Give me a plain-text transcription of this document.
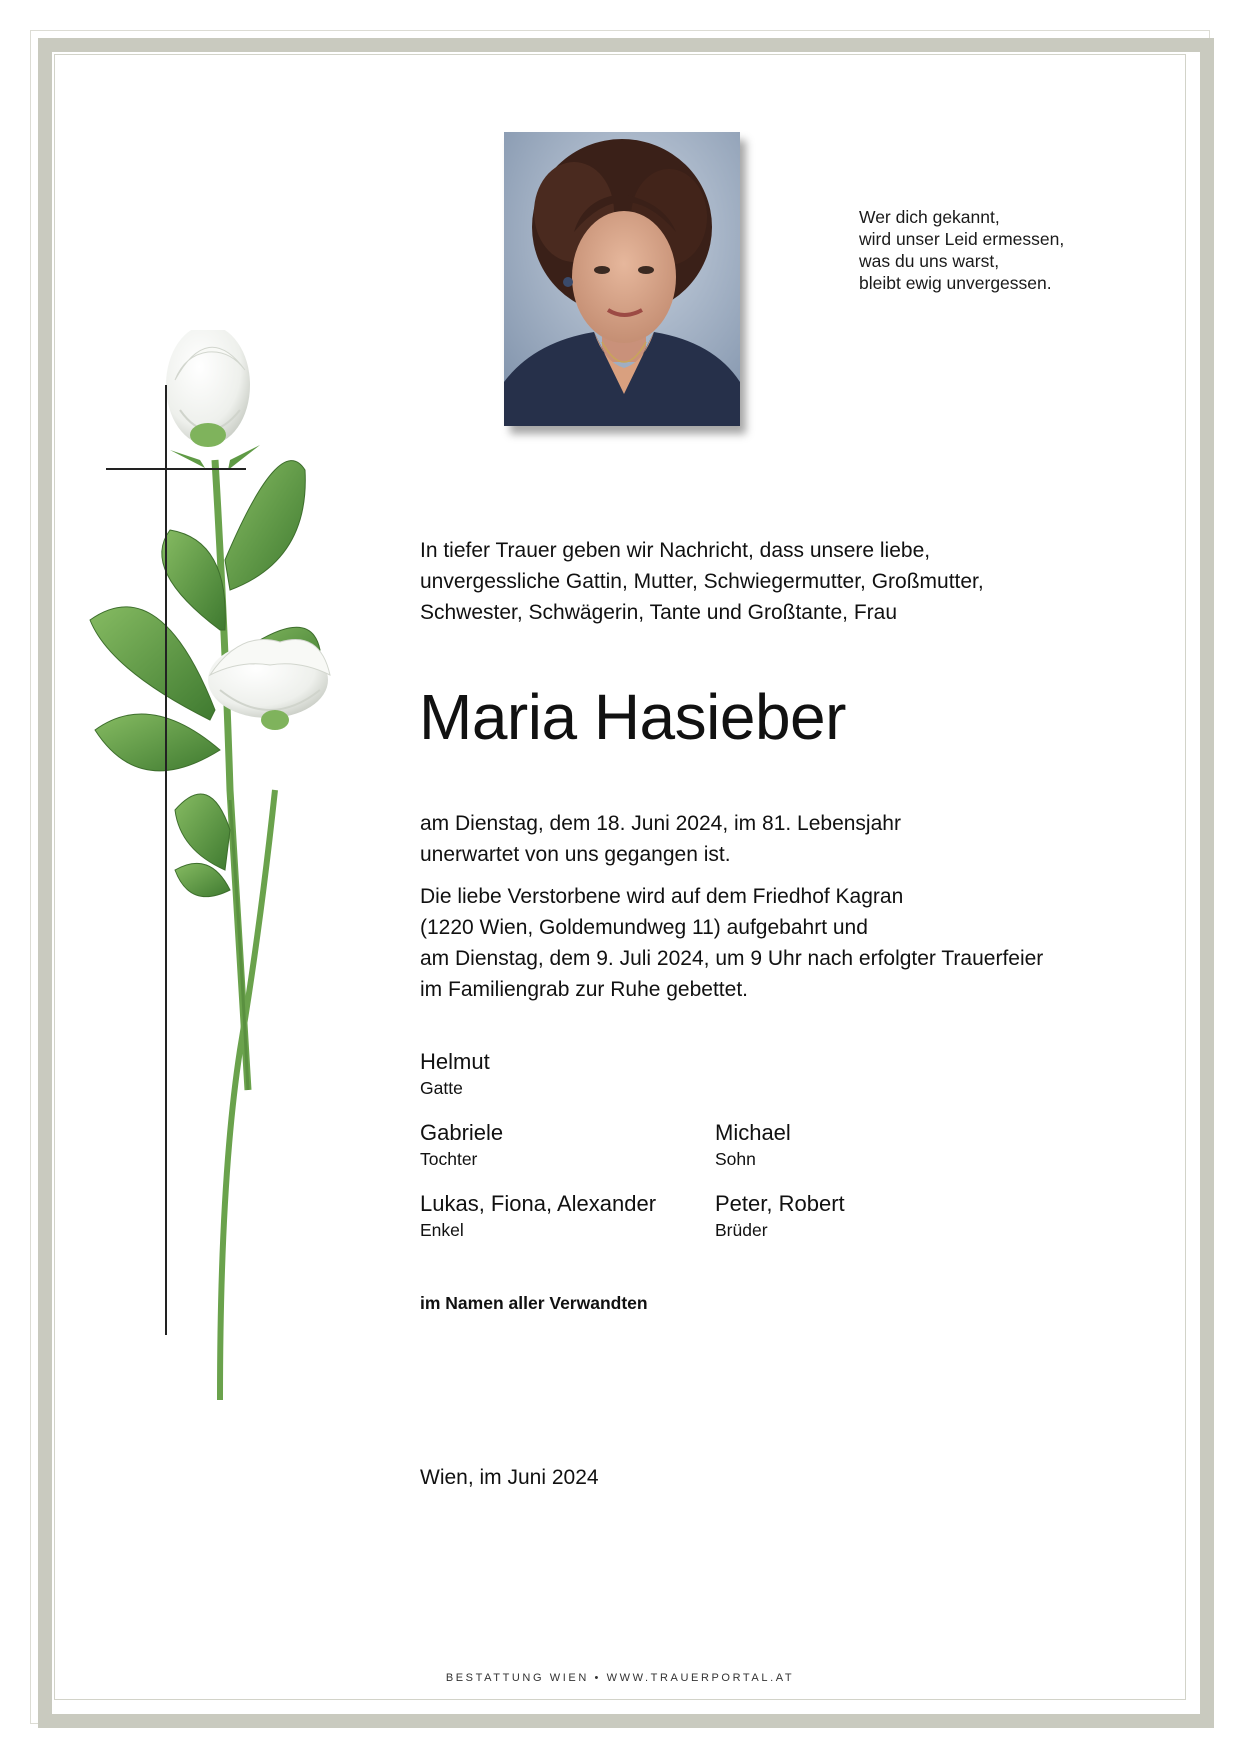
Wer dich gekannt,
wird unser Leid ermessen,
was du uns warst,
bleibt ewig unvergessen.
In tiefer Trauer geben wir Nachricht, dass unsere liebe,
unvergessliche Gattin, Mutter, Schwiegermutter, Großmutter,
Schwester, Schwägerin, Tante und Großtante, Frau
Maria Hasieber
am Dienstag, dem 18. Juni 2024, im 81. Lebensjahr
unerwartet von uns gegangen ist.
Die liebe Verstorbene wird auf dem Friedhof Kagran
(1220 Wien, Goldemundweg 11) aufgebahrt und
am Dienstag, dem 9. Juli 2024, um 9 Uhr nach erfolgter Trauerfeier
im Familiengrab zur Ruhe gebettet.
Helmut
Gatte
Gabriele
Tochter
Michael
Sohn
Lukas, Fiona, Alexander
Enkel
Peter, Robert
Brüder
im Namen aller Verwandten
Wien, im Juni 2024
BESTATTUNG WIEN • WWW.TRAUERPORTAL.AT
